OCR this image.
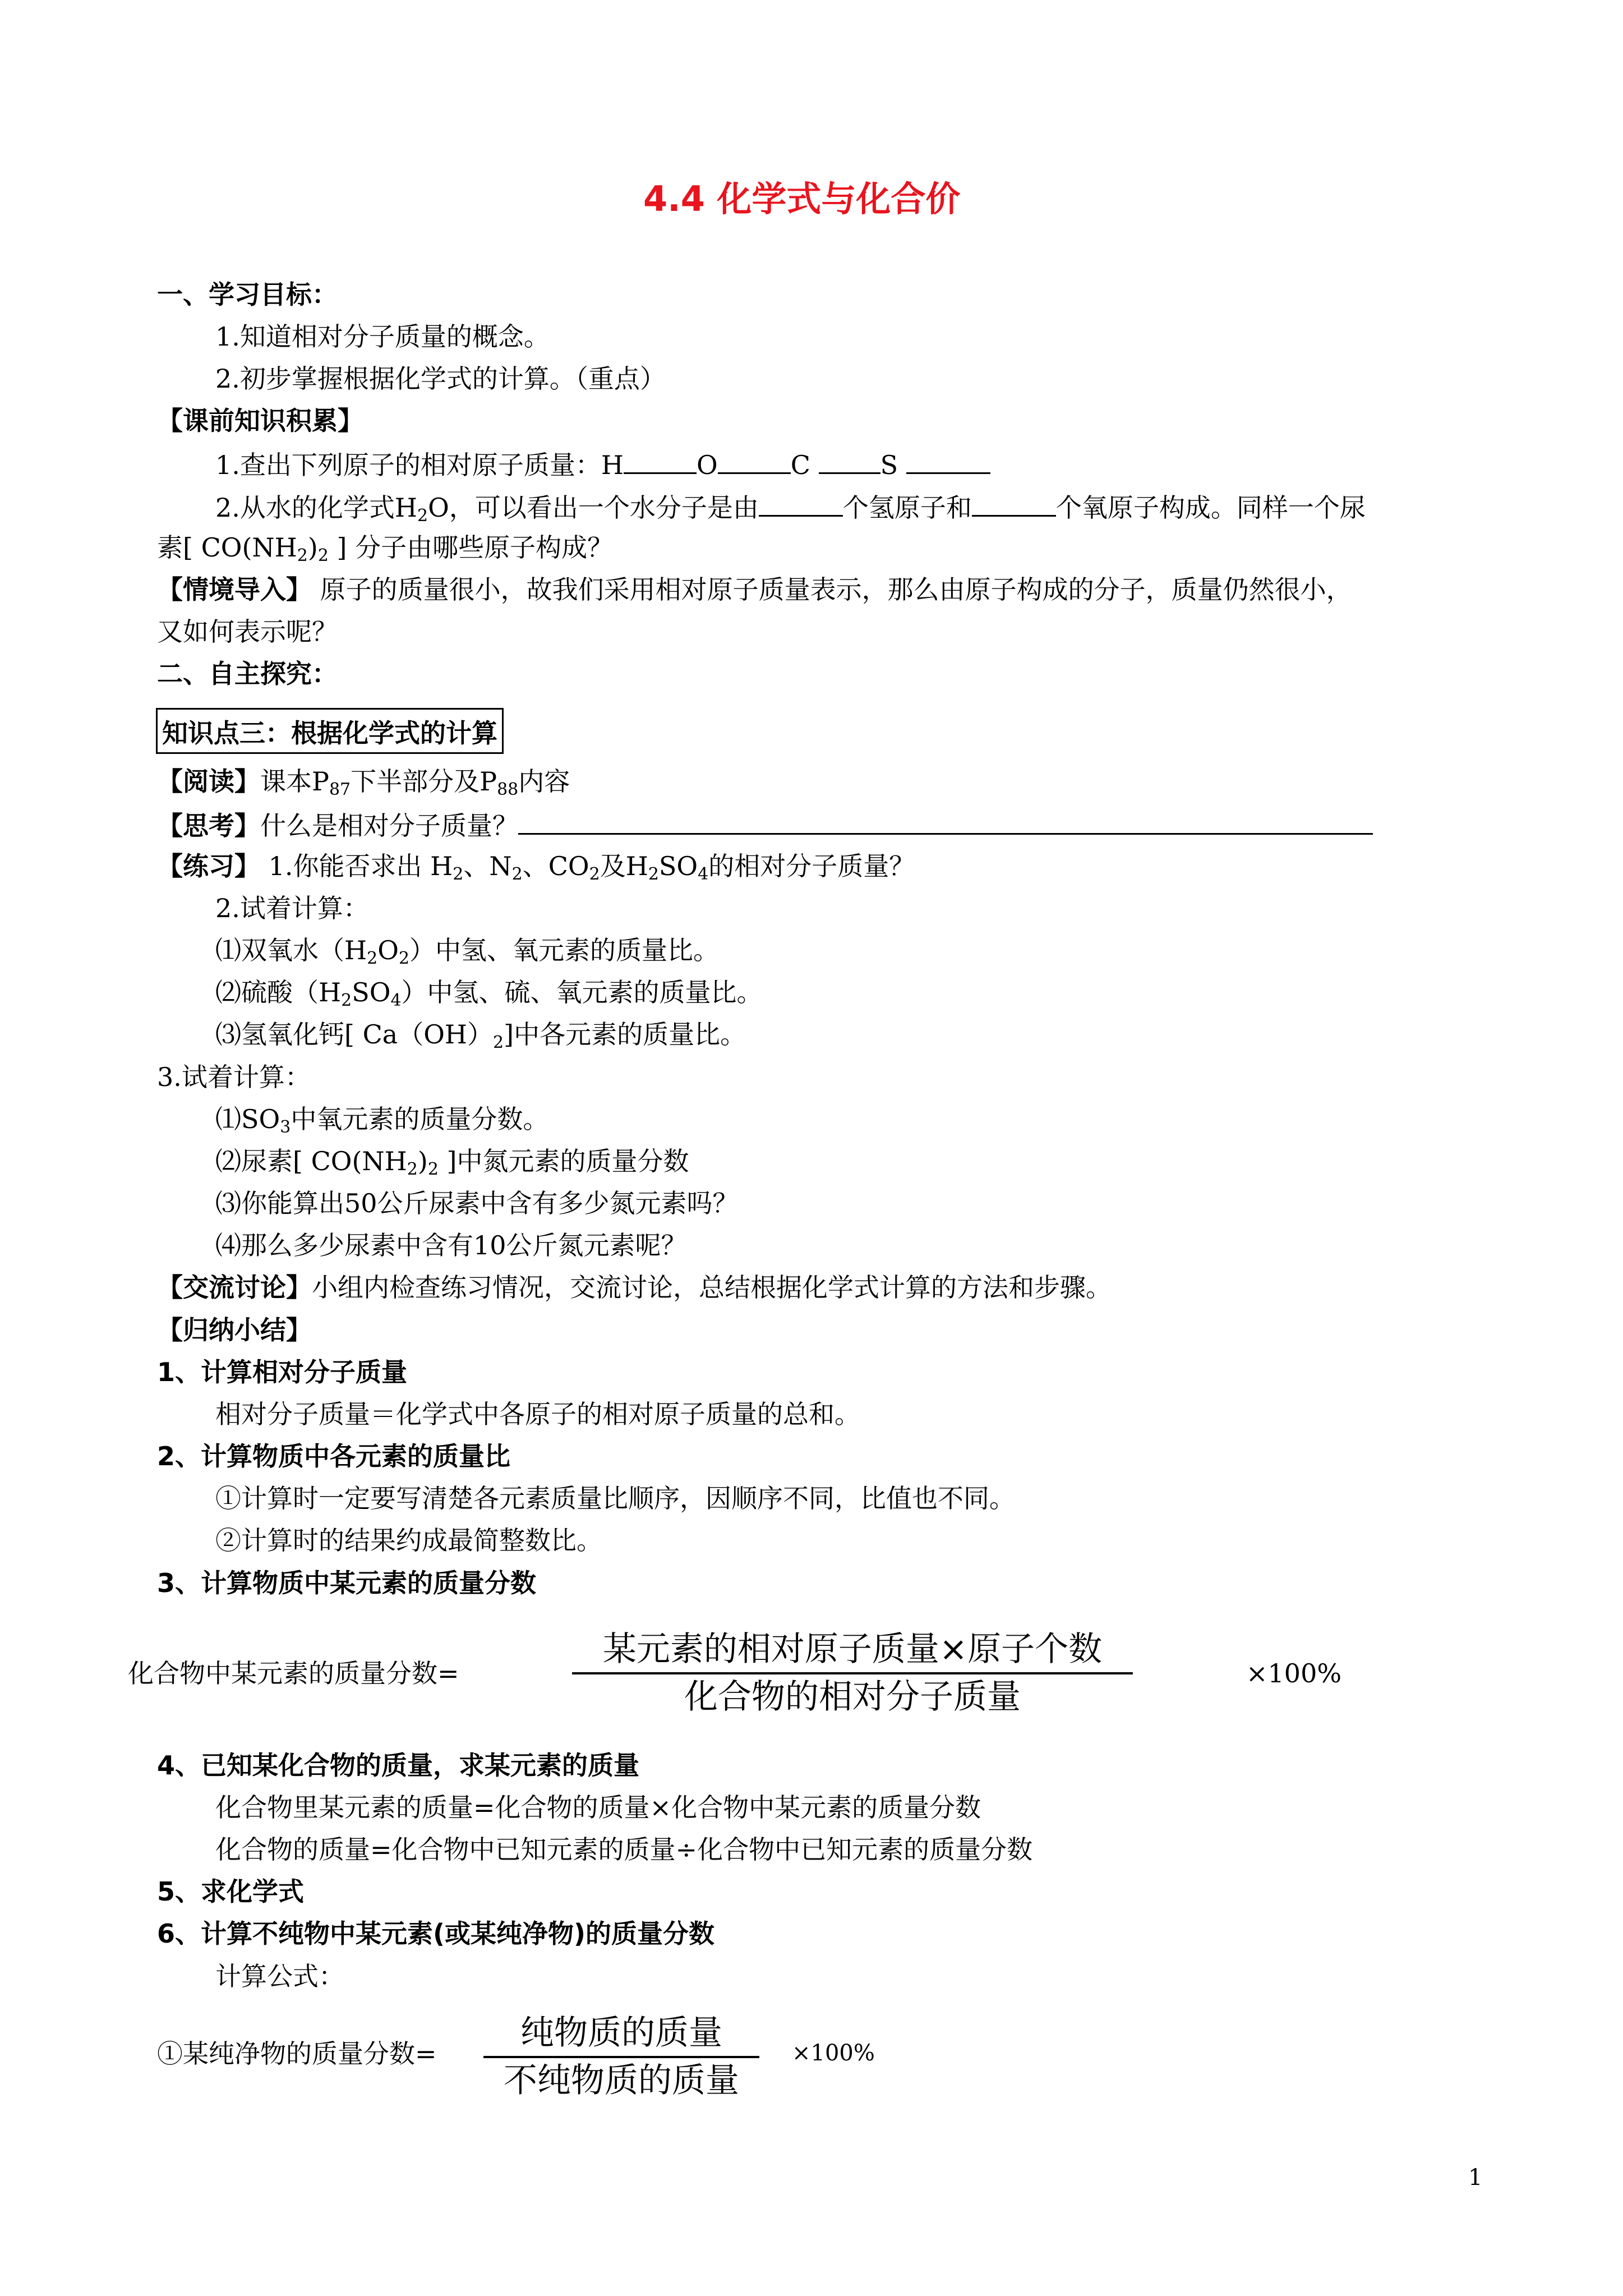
4.4 化学式与化合价
一、学习目标：
1.知道相对分子质量的概念。
2.初步掌握根据化学式的计算。（重点）
【课前知识积累】
1.查出下列原子的相对原子质量：H	O	C	S
2.从水的化学式$H_2O$，可以看出一个水分子是由	个氢原子和	个氧原子构成。同样一个尿
素[ $CO(NH_2)_2$ ] 分子由哪些原子构成？
【情境导入】 原子的质量很小，故我们采用相对原子质量表示，那么由原子构成的分子，质量仍然很小，
又如何表示呢？
二、自主探究：
知识点三：根据化学式的计算
【阅读】课本$P_{87}$下半部分及$P_{88}$内容
【思考】什么是相对分子质量？
【练习】 1.你能否求出 $H_2$、$N_2$、$CO_2$及$H_2SO_4$的相对分子质量？
2.试着计算：
⑴双氧水$(H_2O_2)$中氢、氧元素的质量比。
⑵硫酸$(H_2SO_4)$中氢、硫、氧元素的质量比。
⑶氢氧化钙[ $Ca(OH)_2$]中各元素的质量比。
3.试着计算：
$⑴SO_3$中氧元素的质量分数。
⑵尿素[ $CO(NH_2)_2$ ]中氮元素的质量分数
⑶你能算出50公斤尿素中含有多少氮元素吗？
⑷那么多少尿素中含有10公斤氮元素呢？
【交流讨论】小组内检查练习情况，交流讨论，总结根据化学式计算的方法和步骤。
【归纳小结】
1、计算相对分子质量
相对分子质量＝化学式中各原子的相对原子质量的总和。
2、计算物质中各元素的质量比
①计算时一定要写清楚各元素质量比顺序，因顺序不同，比值也不同。
②计算时的结果约成最简整数比。
3、计算物质中某元素的质量分数
化合物中某元素的质量分数=
某元素的相对原子质量×原子个数
化合物的相对分子质量
×100%
4、已知某化合物的质量，求某元素的质量
化合物里某元素的质量=化合物的质量×化合物中某元素的质量分数
化合物的质量=化合物中已知元素的质量÷化合物中已知元素的质量分数
5、求化学式
6、计算不纯物中某元素(或某纯净物)的质量分数
计算公式：
①某纯净物的质量分数=
纯物质的质量
不纯物质的质量
×100%
1
